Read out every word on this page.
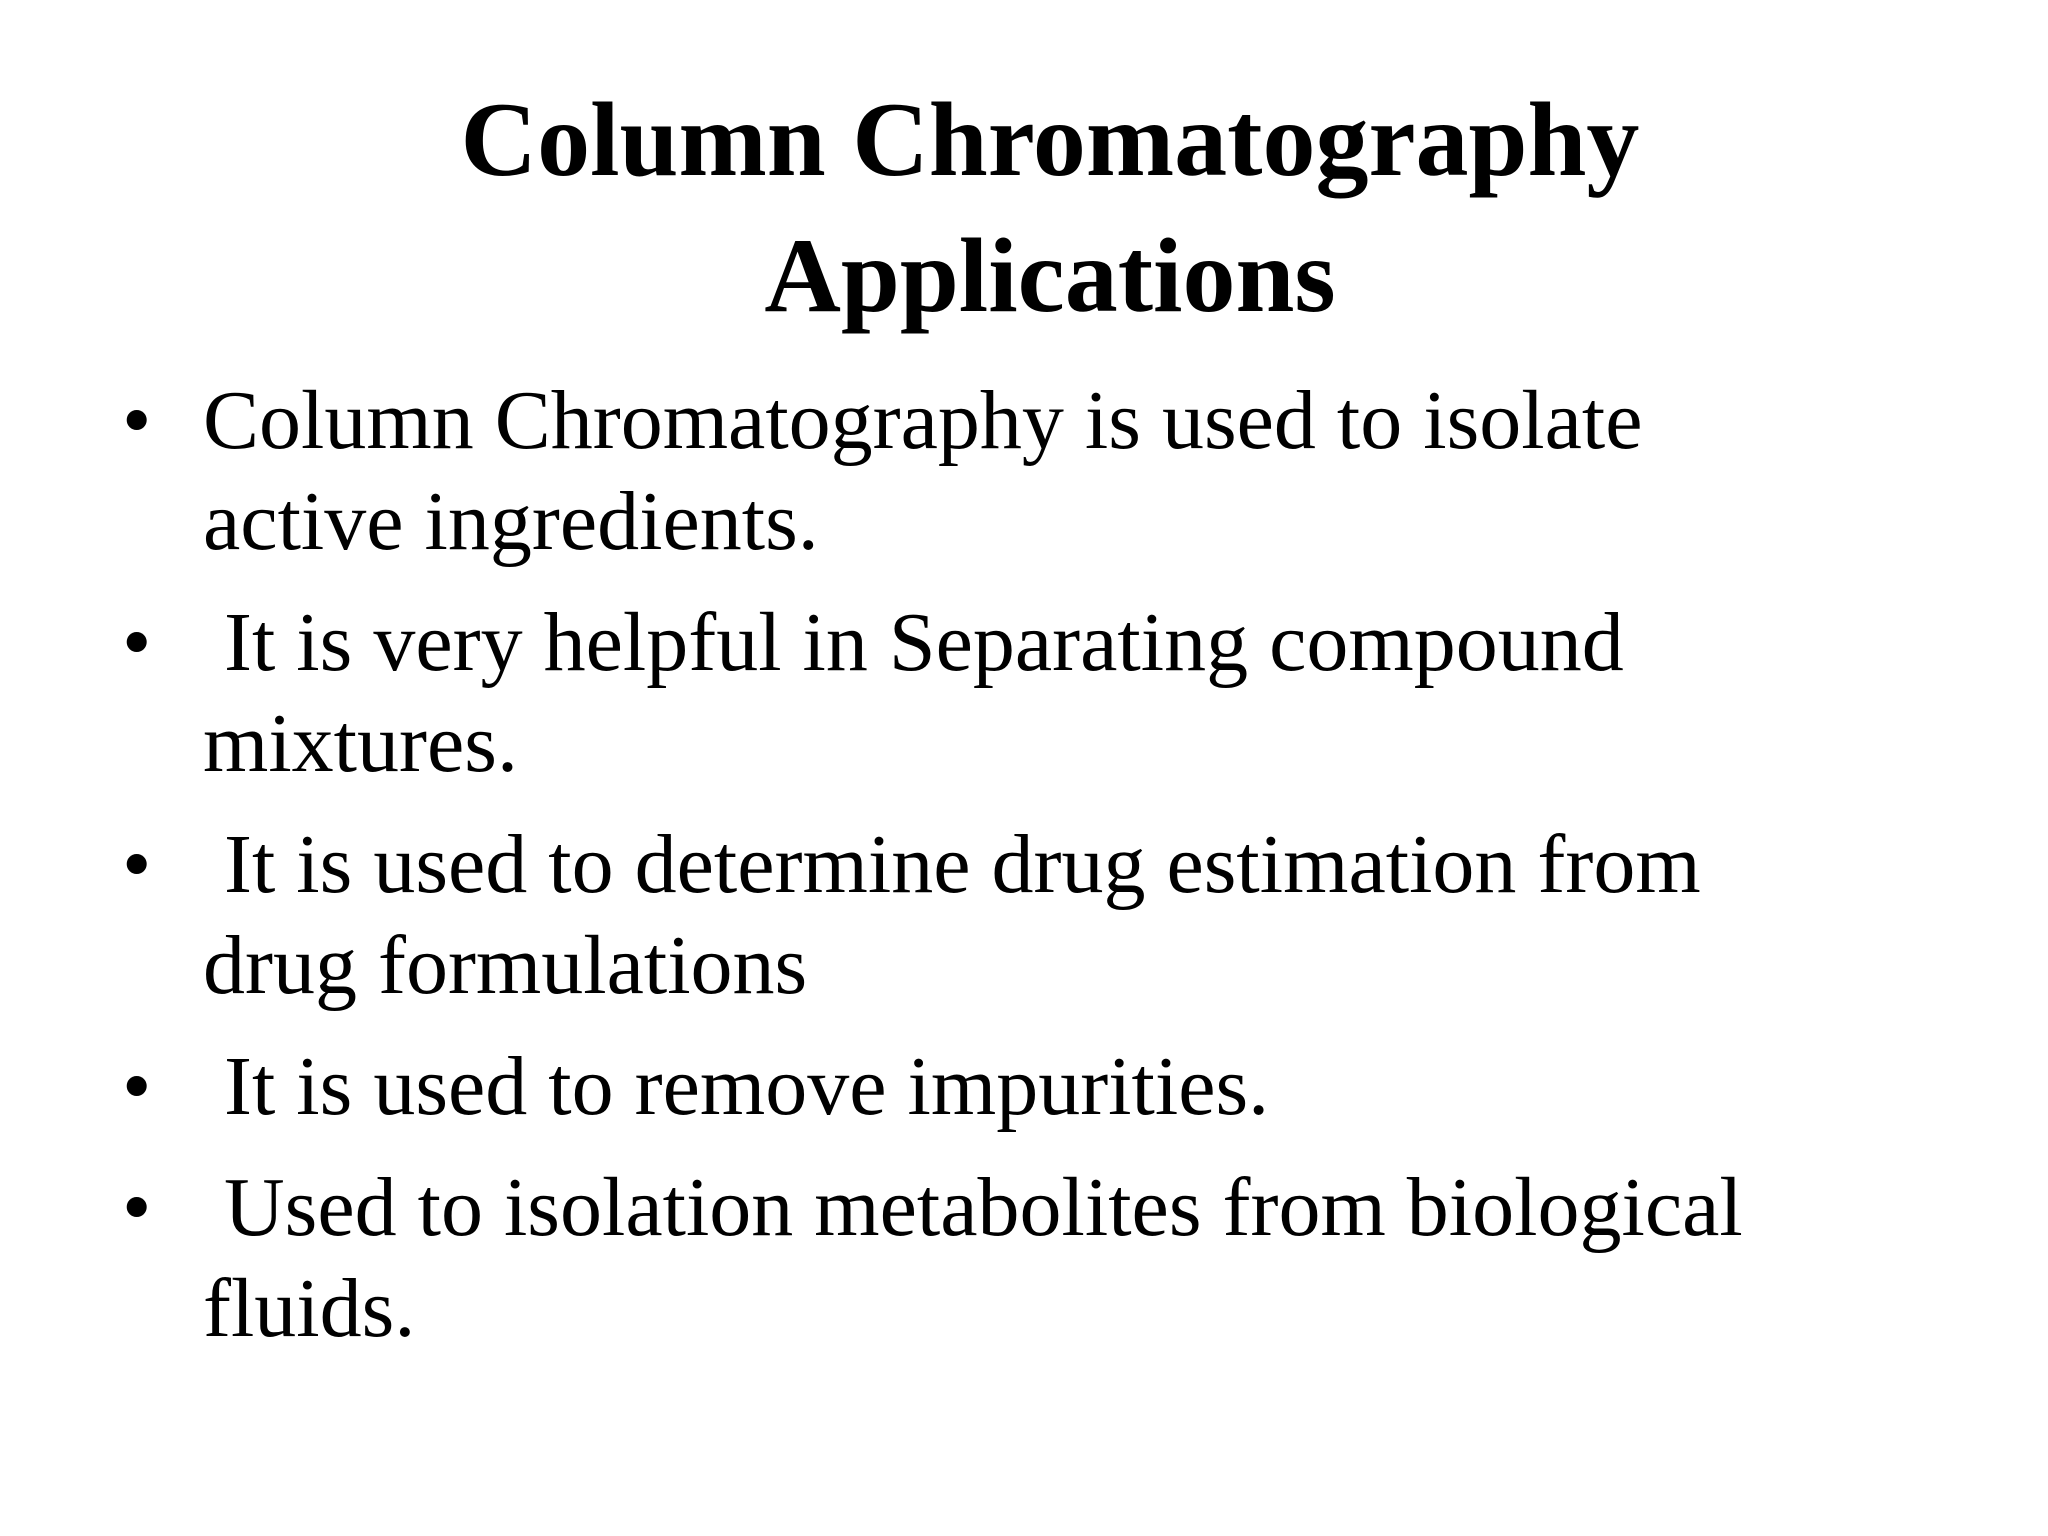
Column Chromatography
Applications
• Column Chromatography is used to isolate
active ingredients.
• It is very helpful in Separating compound
mixtures.
• It is used to determine drug estimation from
drug formulations
• It is used to remove impurities.
• Used to isolation metabolites from biological
fluids.
